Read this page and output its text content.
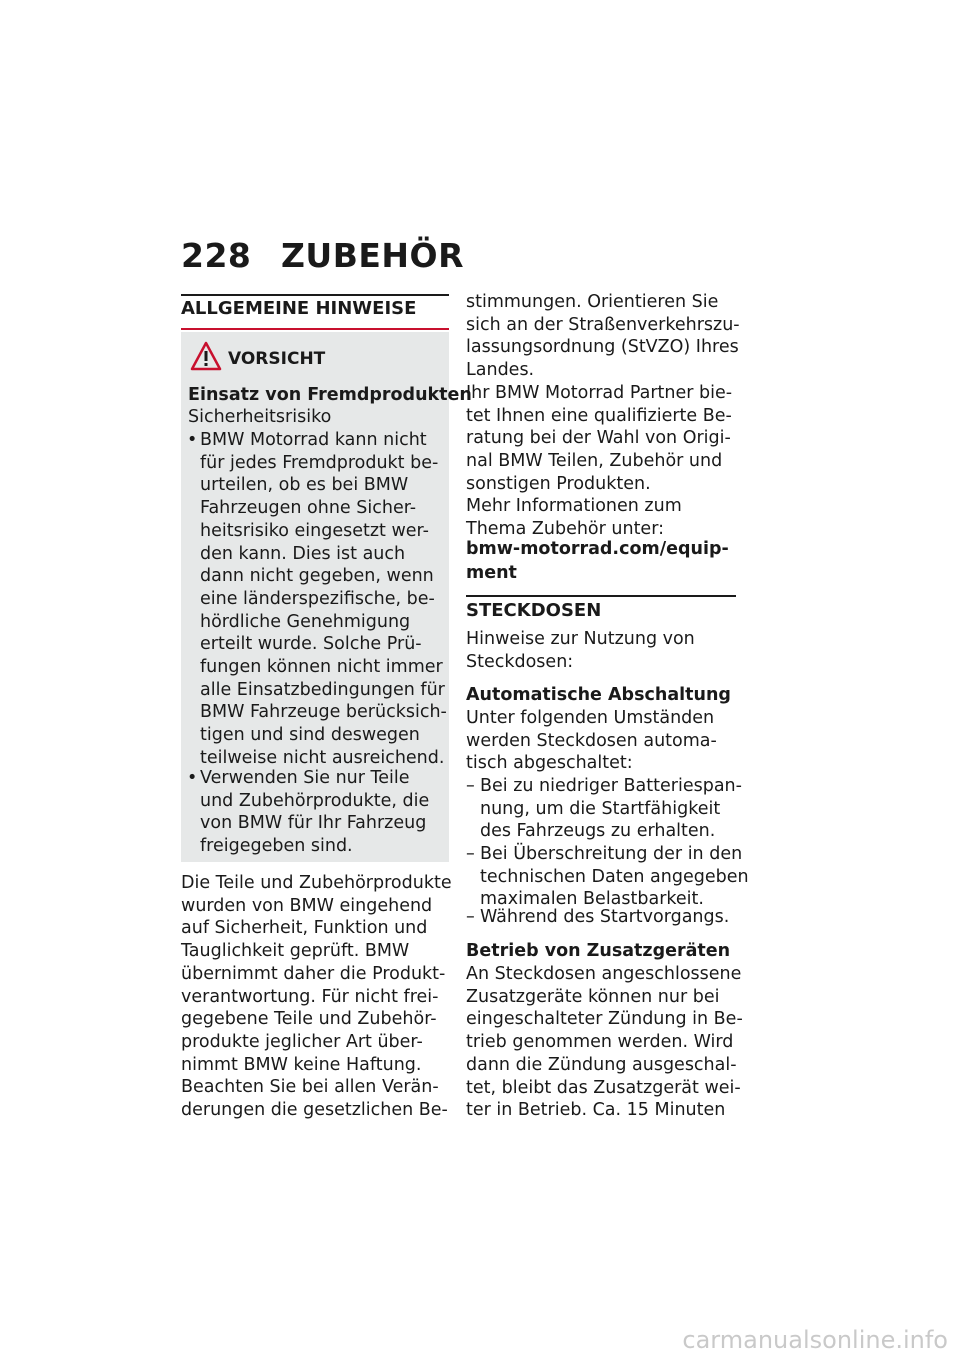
228 ZUBEHÖR
ALLGEMEINE HINWEISE
VORSICHT
Einsatz von Fremdprodukten
Sicherheitsrisiko
BMW Motorrad kann nicht
für jedes Fremdprodukt be-
urteilen, ob es bei BMW
Fahrzeugen ohne Sicher-
heitsrisiko eingesetzt wer-
den kann. Dies ist auch
dann nicht gegeben, wenn
eine länderspezifische, be-
hördliche Genehmigung
erteilt wurde. Solche Prü-
fungen können nicht immer
alle Einsatzbedingungen für
BMW Fahrzeuge berücksich-
tigen und sind deswegen
teilweise nicht ausreichend.
•
Verwenden Sie nur Teile
und Zubehörprodukte, die
von BMW für Ihr Fahrzeug
freigegeben sind.
•
Die Teile und Zubehörprodukte
wurden von BMW eingehend
auf Sicherheit, Funktion und
Tauglichkeit geprüft. BMW
übernimmt daher die Produkt-
verantwortung. Für nicht frei-
gegebene Teile und Zubehör-
produkte jeglicher Art über-
nimmt BMW keine Haftung.
Beachten Sie bei allen Verän-
derungen die gesetzlichen Be-
stimmungen. Orientieren Sie
sich an der Straßenverkehrszu-
lassungsordnung (StVZO) Ihres
Landes.
Ihr BMW Motorrad Partner bie-
tet Ihnen eine qualifizierte Be-
ratung bei der Wahl von Origi-
nal BMW Teilen, Zubehör und
sonstigen Produkten.
Mehr Informationen zum
Thema Zubehör unter:
bmw-motorrad.com/equip-
ment
STECKDOSEN
Hinweise zur Nutzung von
Steckdosen:
Automatische Abschaltung
Unter folgenden Umständen
werden Steckdosen automa-
tisch abgeschaltet:
Bei zu niedriger Batteriespan-
nung, um die Startfähigkeit
des Fahrzeugs zu erhalten.
–
Bei Überschreitung der in den
technischen Daten angegeben
maximalen Belastbarkeit.
–
Während des Startvorgangs.
–
Betrieb von Zusatzgeräten
An Steckdosen angeschlossene
Zusatzgeräte können nur bei
eingeschalteter Zündung in Be-
trieb genommen werden. Wird
dann die Zündung ausgeschal-
tet, bleibt das Zusatzgerät wei-
ter in Betrieb. Ca. 15 Minuten
carmanualsonline.info
